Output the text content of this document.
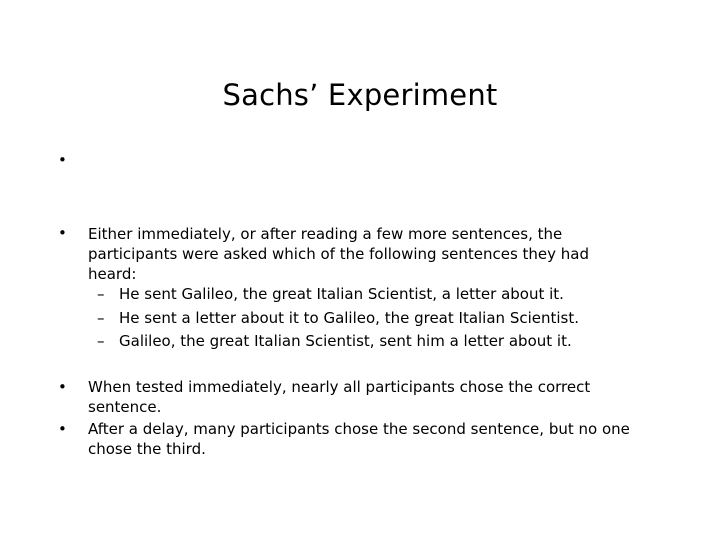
Sachs’ Experiment
•
•	Either immediately, or after reading a few more sentences, the participants were asked which of the following sentences they had heard:
– He sent Galileo, the great Italian Scientist, a letter about it.
– He sent a letter about it to Galileo, the great Italian Scientist.
– Galileo, the great Italian Scientist, sent him a letter about it.
•	When tested immediately, nearly all participants chose the correct sentence.
•	After a delay, many participants chose the second sentence, but no one chose the third.
